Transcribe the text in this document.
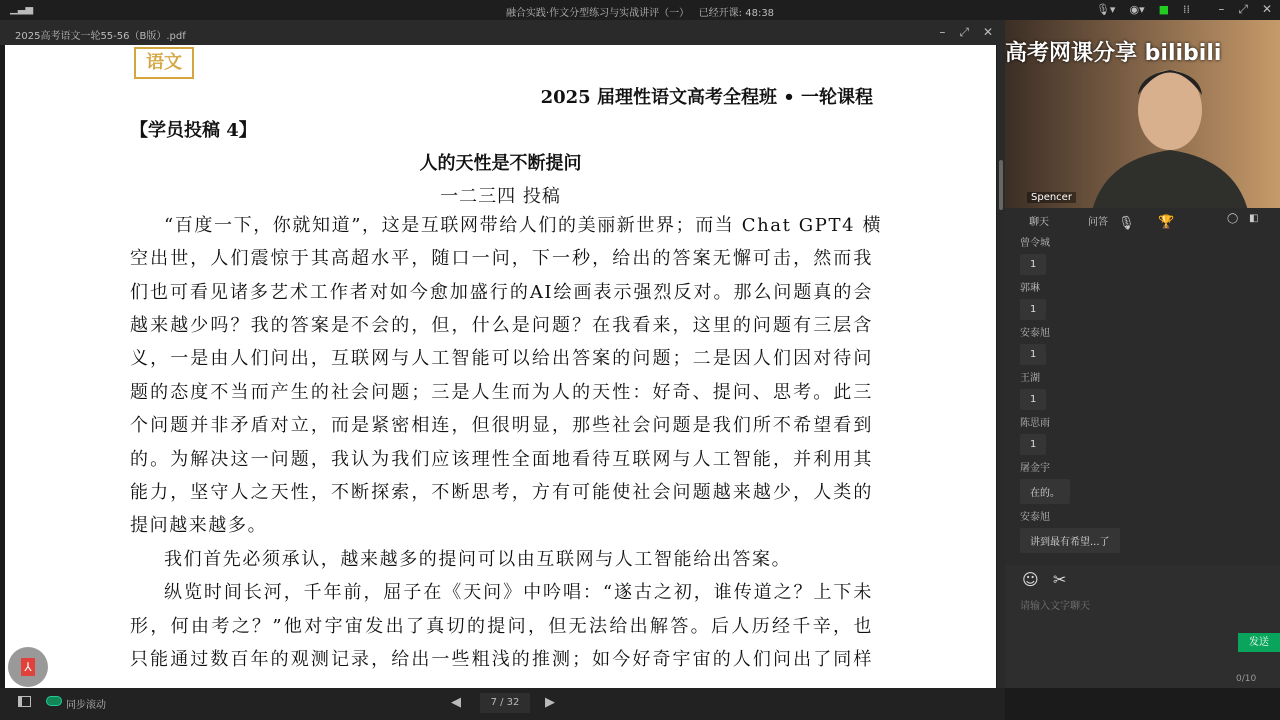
▁▃▅	融合实践·作文分型练习与实战讲评（一） 已经开课: 48:38	🎙▾ ◉▾ ■ ⁞⁞ – ⤢ ✕
2025高考语文一轮55-56（B版）.pdf	– ⤢ ✕
语文
2025 届理性语文高考全程班 • 一轮课程
【学员投稿 4】
人的天性是不断提问
一二三四 投稿
“百度一下，你就知道”，这是互联网带给人们的美丽新世界；而当 Chat GPT4 横
空出世，人们震惊于其高超水平，随口一问，下一秒，给出的答案无懈可击，然而我
们也可看见诸多艺术工作者对如今愈加盛行的AI绘画表示强烈反对。那么问题真的会
越来越少吗？我的答案是不会的，但，什么是问题？在我看来，这里的问题有三层含
义，一是由人们问出，互联网与人工智能可以给出答案的问题；二是因人们因对待问
题的态度不当而产生的社会问题；三是人生而为人的天性：好奇、提问、思考。此三
个问题并非矛盾对立，而是紧密相连，但很明显，那些社会问题是我们所不希望看到
的。为解决这一问题，我认为我们应该理性全面地看待互联网与人工智能，并利用其
能力，坚守人之天性，不断探索，不断思考，方有可能使社会问题越来越少，人类的
提问越来越多。
我们首先必须承认，越来越多的提问可以由互联网与人工智能给出答案。
纵览时间长河，千年前，屈子在《天问》中吟唱：“遂古之初，谁传道之？上下未
形，何由考之？”他对宇宙发出了真切的提问，但无法给出解答。后人历经千辛，也
只能通过数百年的观测记录，给出一些粗浅的推测；如今好奇宇宙的人们问出了同样
⅄
同步滚动	◀	7 / 32	▶
高考网课分享 bilibili
Spencer
聊天	问答 🎙 🏆	◯ ◧
曾令城
1
郭琳
1
安泰旭
1
王湖
1
陈思雨
1
屠金宇
在的。
安泰旭
讲到最有希望...了
☺ ✂
请输入文字聊天
发送
0/10
